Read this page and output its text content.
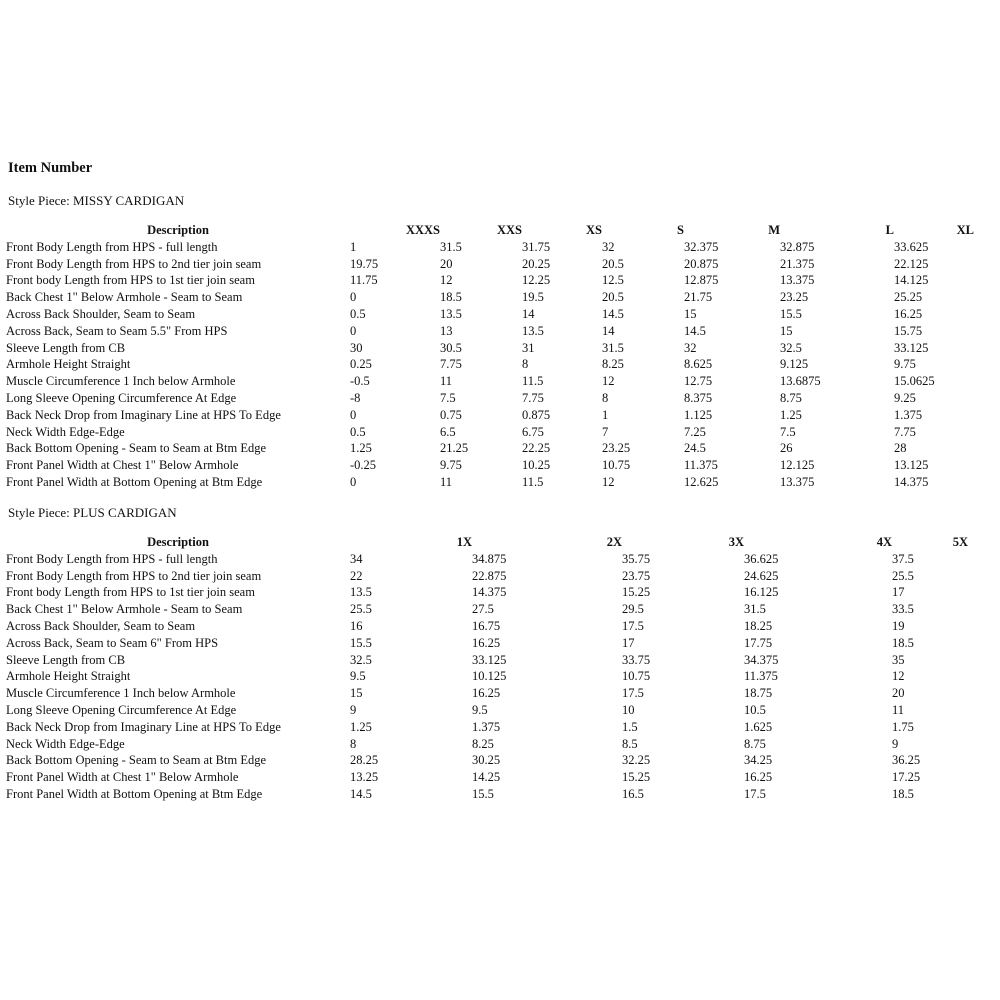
Item Number
Style Piece: MISSY CARDIGAN
Description	XXXS	XXS	XS	S	M	L	XL
Front Body Length from HPS - full length	1	31.5	31.75	32	32.375	32.875	33.625
Front Body Length from HPS to 2nd tier join seam	19.75	20	20.25	20.5	20.875	21.375	22.125
Front body Length from HPS to 1st tier join seam	11.75	12	12.25	12.5	12.875	13.375	14.125
Back Chest 1" Below Armhole - Seam to Seam	0	18.5	19.5	20.5	21.75	23.25	25.25
Across Back Shoulder, Seam to Seam	0.5	13.5	14	14.5	15	15.5	16.25
Across Back, Seam to Seam 5.5" From HPS	0	13	13.5	14	14.5	15	15.75
Sleeve Length from CB	30	30.5	31	31.5	32	32.5	33.125
Armhole Height Straight	0.25	7.75	8	8.25	8.625	9.125	9.75
Muscle Circumference 1 Inch below Armhole	-0.5	11	11.5	12	12.75	13.6875	15.0625
Long Sleeve Opening Circumference At Edge	-8	7.5	7.75	8	8.375	8.75	9.25
Back Neck Drop from Imaginary Line at HPS To Edge	0	0.75	0.875	1	1.125	1.25	1.375
Neck Width Edge-Edge	0.5	6.5	6.75	7	7.25	7.5	7.75
Back Bottom Opening - Seam to Seam at Btm Edge	1.25	21.25	22.25	23.25	24.5	26	28
Front Panel Width at Chest 1" Below Armhole	-0.25	9.75	10.25	10.75	11.375	12.125	13.125
Front Panel Width at Bottom Opening at Btm Edge	0	11	11.5	12	12.625	13.375	14.375
Style Piece: PLUS CARDIGAN
Description	1X	2X	3X	4X	5X
Front Body Length from HPS - full length	34	34.875	35.75	36.625	37.5
Front Body Length from HPS to 2nd tier join seam	22	22.875	23.75	24.625	25.5
Front body Length from HPS to 1st tier join seam	13.5	14.375	15.25	16.125	17
Back Chest 1" Below Armhole - Seam to Seam	25.5	27.5	29.5	31.5	33.5
Across Back Shoulder, Seam to Seam	16	16.75	17.5	18.25	19
Across Back, Seam to Seam 6" From HPS	15.5	16.25	17	17.75	18.5
Sleeve Length from CB	32.5	33.125	33.75	34.375	35
Armhole Height Straight	9.5	10.125	10.75	11.375	12
Muscle Circumference 1 Inch below Armhole	15	16.25	17.5	18.75	20
Long Sleeve Opening Circumference At Edge	9	9.5	10	10.5	11
Back Neck Drop from Imaginary Line at HPS To Edge	1.25	1.375	1.5	1.625	1.75
Neck Width Edge-Edge	8	8.25	8.5	8.75	9
Back Bottom Opening - Seam to Seam at Btm Edge	28.25	30.25	32.25	34.25	36.25
Front Panel Width at Chest 1" Below Armhole	13.25	14.25	15.25	16.25	17.25
Front Panel Width at Bottom Opening at Btm Edge	14.5	15.5	16.5	17.5	18.5
